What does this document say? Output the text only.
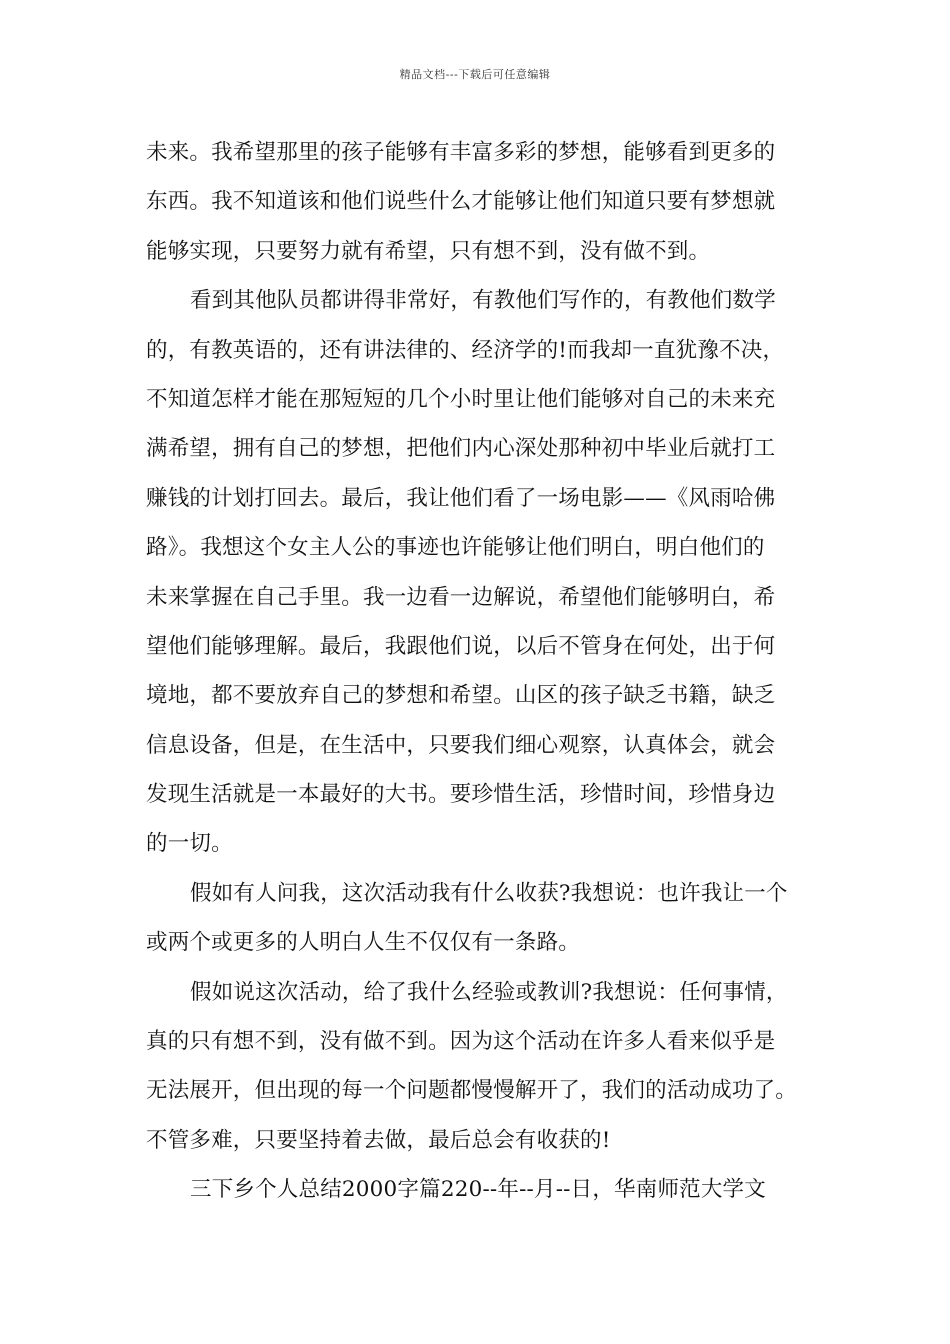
精品文档---下载后可任意编辑
未来。我希望那里的孩子能够有丰富多彩的梦想，能够看到更多的
东西。我不知道该和他们说些什么才能够让他们知道只要有梦想就
能够实现，只要努力就有希望，只有想不到，没有做不到。
看到其他队员都讲得非常好，有教他们写作的，有教他们数学
的，有教英语的，还有讲法律的、经济学的!而我却一直犹豫不决，
不知道怎样才能在那短短的几个小时里让他们能够对自己的未来充
满希望，拥有自己的梦想，把他们内心深处那种初中毕业后就打工
赚钱的计划打回去。最后，我让他们看了一场电影——《风雨哈佛
路》。我想这个女主人公的事迹也许能够让他们明白，明白他们的
未来掌握在自己手里。我一边看一边解说，希望他们能够明白，希
望他们能够理解。最后，我跟他们说，以后不管身在何处，出于何
境地，都不要放弃自己的梦想和希望。山区的孩子缺乏书籍，缺乏
信息设备，但是，在生活中，只要我们细心观察，认真体会，就会
发现生活就是一本最好的大书。要珍惜生活，珍惜时间，珍惜身边
的一切。
假如有人问我，这次活动我有什么收获?我想说：也许我让一个
或两个或更多的人明白人生不仅仅有一条路。
假如说这次活动，给了我什么经验或教训?我想说：任何事情，
真的只有想不到，没有做不到。因为这个活动在许多人看来似乎是
无法展开，但出现的每一个问题都慢慢解开了，我们的活动成功了。
不管多难，只要坚持着去做，最后总会有收获的!
三下乡个人总结2000字篇220--年--月--日，华南师范大学文
